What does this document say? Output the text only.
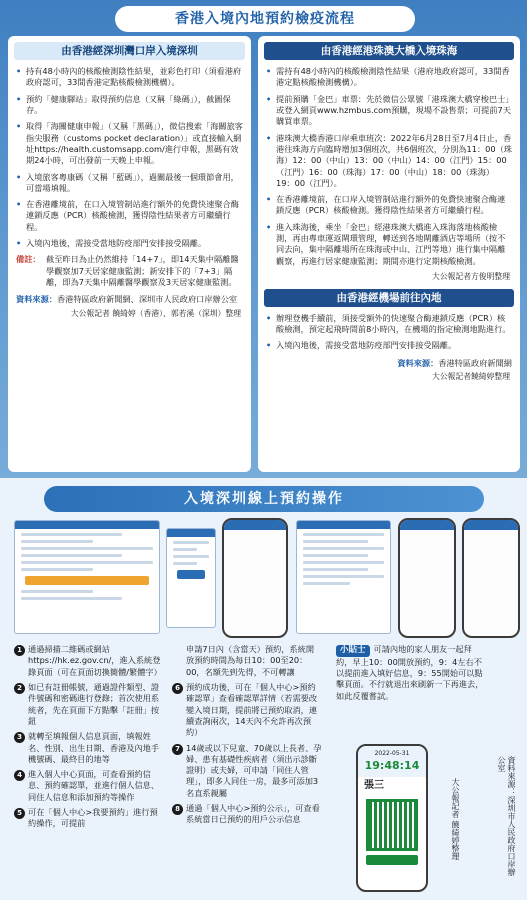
香港入境內地預約檢疫流程
由香港經深圳灣口岸入境深圳
• 持有48小時內的核酸檢測陰性結果，並彩色打印（須看港府政府認可，33間香港定點核酸檢測機構）。
• 預約「健康驛站」取得預約信息（又稱「綠碼」），截圖保存。
• 取得「海關健康申報」（又稱「黑碼」），微信搜索「海關旅客指尖服務（customs pocket declaration）」或直接輸入網址https://health.customsapp.com/進行申報，黑碼有效期24小時，可出發前一天晚上申報。
• 入境旅客粵康碼（又稱「藍碼」），過關最後一個環節會用，可當場填報。
• 在香港離境前，在口入境管制站進行額外的免費快速聚合酶連鎖反應（PCR）核酸檢測，獲得陰性結果者方可繼續行程。
• 入境內地後，需接受當地防疫部門安排接受隔離。
備註： 截至昨日為止仍然維持「14+7」，即14天集中隔離醫學觀察加7天居家健康監測；新安排下的「7+3」隔離，即為7天集中隔離醫學觀察及3天居家健康監測。
資料來源： 香港特區政府新聞網、深圳市人民政府口岸辦公室
大公報記者 饒綺婷（香港）、郭若溪（深圳）整理
由香港經港珠澳大橋入境珠海
• 需持有48小時內的核酸檢測陰性結果（港府地政府認可，33間香港定點核酸檢測機構）。
• 提前預購「金巴」車票：先於微信公眾號「港珠澳大橋穿梭巴士」或登入網頁www.hzmbus.com預購，現場不設售票；可提前7天購買車票。
• 港珠澳大橋香港口岸乘車班次：2022年6月28日至7月4日止，香港往珠海方向臨時增加3個班次，共6個班次，分別為11：00（珠海）12：00（中山）13：00（中山）14：00（江門）15：00（江門）16：00（珠海）17：00（中山）18：00（珠海）19：00（江門）。
• 在香港離境前，在口岸入境管制站進行額外的免費快速聚合酶連鎖反應（PCR）核酸檢測。獲得陰性結果者方可繼續行程。
• 進入珠海後，乘坐「金巴」經港珠澳大橋進入珠海落地核酸檢測，再由專車運返閘環管理，轉送到各地閘離酒店等場所（按不同去向，集中隔離場所在珠海或中山、江門等地）進行集中隔離觀察，再進行居家健康監測；期間亦進行定期核酸檢測。
大公報記者方俊明整理
由香港經機場前往內地
• 辦理登機手續前，須接受額外的快速聚合酶連鎖反應（PCR）核酸檢測，預定起飛時間前8小時內，在機場的指定檢測地點進行。
• 入境內地後，需接受當地防疫部門安排接受隔離。
資料來源： 香港特區政府新聞網
大公報記者饒綺婷整理
入境深圳線上預約操作
1 通過掃描二維碼或網站https://hk.ez.gov.cn/，進入系統登錄頁面（可在頁面切換簡體/繁體字）
2 如已有註冊帳號，通過證件類型、證件號碼和密碼進行登錄；首次使用系統者，先在頁面下方點擊「註冊」按鈕
3 就轉至填報個人信息頁面，填報姓名、性別、出生日期、香港及內地手機號碼、最終目的地等
4 進入個人中心頁面，可查看預約信息、預約確認單，並進行個人信息、同住人信息和添加預約等操作
5 可在「個人中心>我要預約」進行預約操作，可提前
申請7日內（含當天）預約，系統開放預約時間為每日10：00至20：00，名額先到先得，不可轉讓
6 預約成功後，可在「個人中心>預約確認單」查看確認單詳情（若需要改變入境日期，提前將已預約取消，連續查詢兩次，14天內不允許再次預約）
7 14歲或以下兒童、70歲以上長者、孕婦、患有基礎性疾病者（須出示診斷證明）或夫婦，可申請「同住人管理」，即多人同住一房，最多可添加3名直系親屬
8 通過「個人中心>預約公示」，可查看系統當日已預約的用戶公示信息
小貼士 可請內地的家人朋友一起拜約，早上10：00開放預約，9：4左右不以提前進入填好信息，9：55開始可以點擊頁面。不行就退出來刷新一下再進去，如此反覆嘗試。
2022-05-31
19:48:14
張三	資料來源：深圳市人民政府口岸辦公室
大公報記者 饒綺婷整理
